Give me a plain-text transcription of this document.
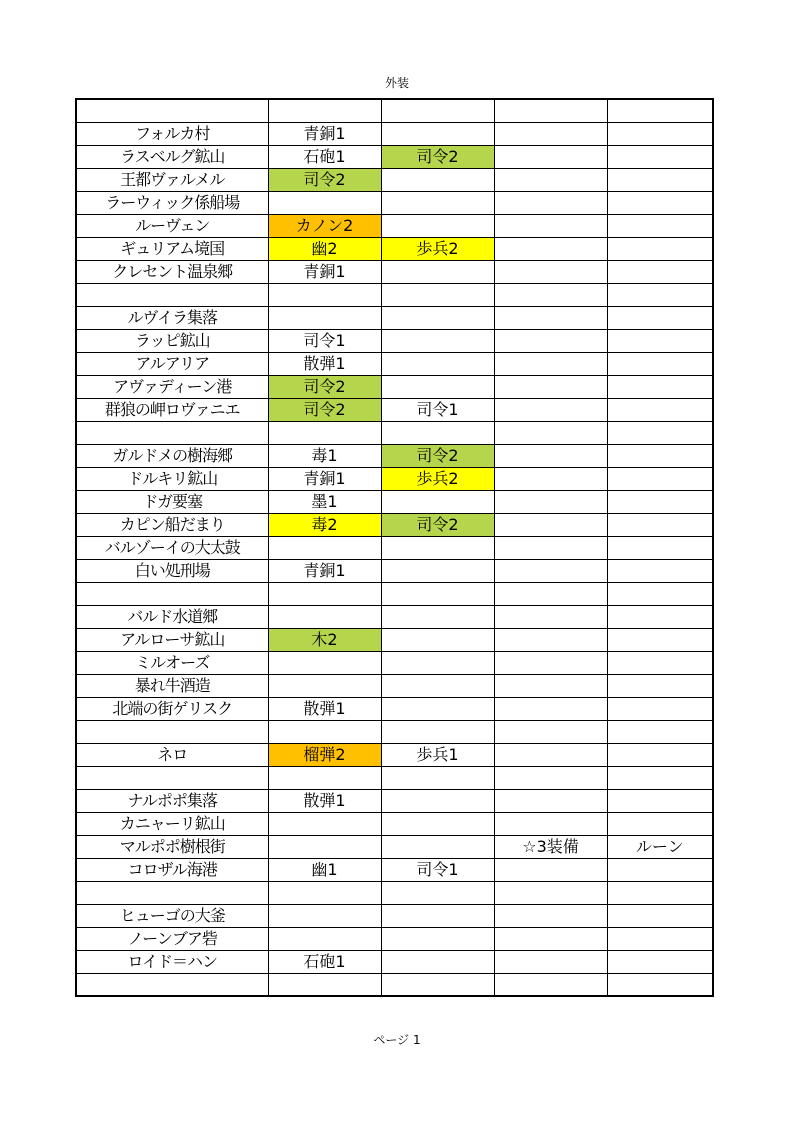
外装

フォルカ村	青銅1			
ラスベルグ鉱山	石砲1	司令2		
王都ヴァルメル	司令2			
ラーウィック係船場				
ルーヴェン	カノン2			
ギュリアム境国	幽2	歩兵2		
クレセント温泉郷	青銅1			

ルヴイラ集落				
ラッピ鉱山	司令1			
アルアリア	散弾1			
アヴァディーン港	司令2			
群狼の岬ロヴァニエ	司令2	司令1		

ガルドメの樹海郷	毒1	司令2		
ドルキリ鉱山	青銅1	歩兵2		
ドガ要塞	墨1			
カピン船だまり	毒2	司令2		
バルゾーイの大太鼓				
白い処刑場	青銅1			

バルド水道郷				
アルローサ鉱山	木2			
ミルオーズ				
暴れ牛酒造				
北端の街ゲリスク	散弾1			

ネロ	榴弾2	歩兵1		

ナルポポ集落	散弾1			
カニャーリ鉱山				
マルポポ樹根街			☆3装備	ルーン
コロザル海港	幽1	司令1		

ヒューゴの大釜				
ノーンブア砦				
ロイド＝ハン	石砲1			

ページ 1
